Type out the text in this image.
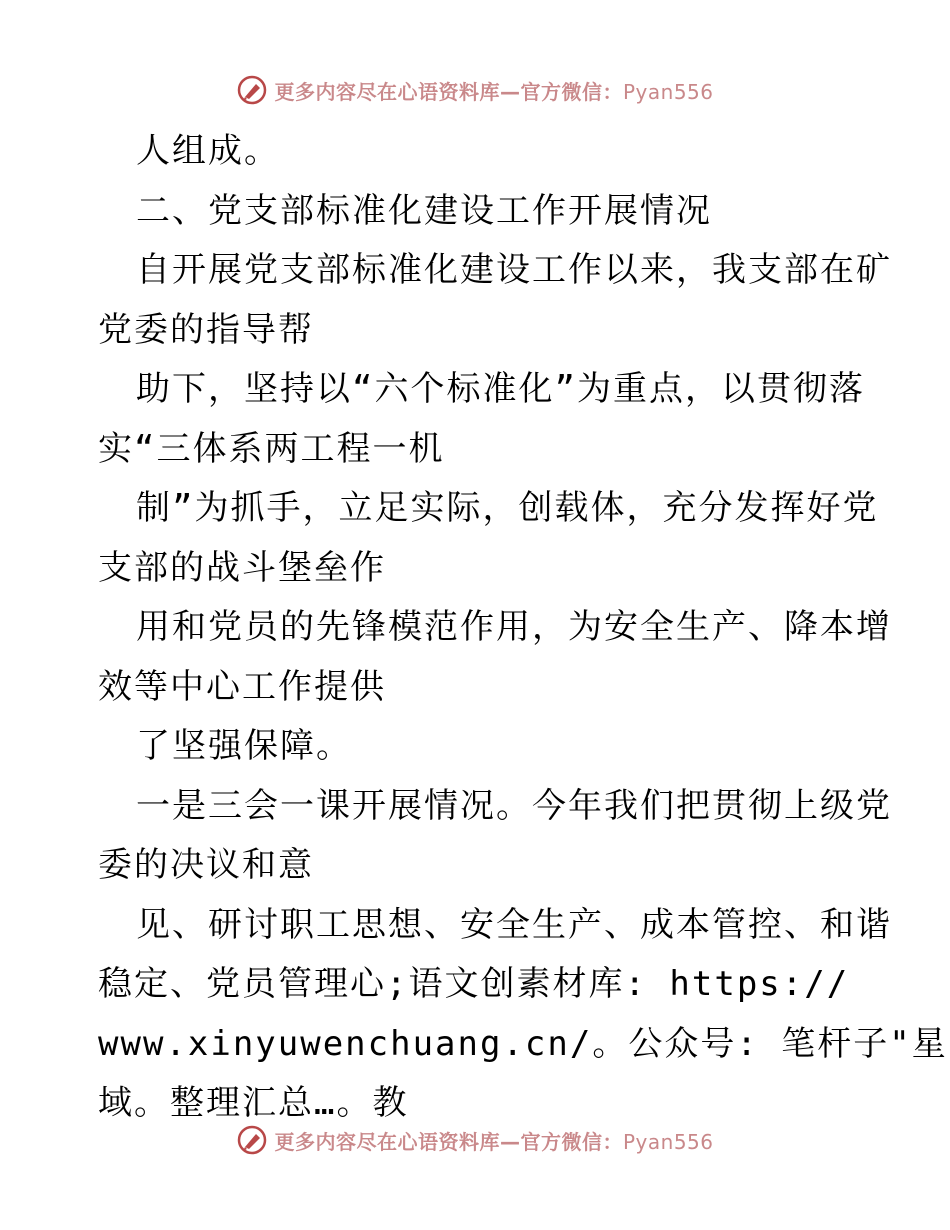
更多内容尽在心语资料库—官方微信：Pyan556
人组成。
二、党支部标准化建设工作开展情况
自开展党支部标准化建设工作以来，我支部在矿
党委的指导帮
助下，坚持以“六个标准化”为重点，以贯彻落
实“三体系两工程一机
制”为抓手，立足实际，创载体，充分发挥好党
支部的战斗堡垒作
用和党员的先锋模范作用，为安全生产、降本增
效等中心工作提供
了坚强保障。
一是三会一课开展情况。今年我们把贯彻上级党
委的决议和意
见、研讨职工思想、安全生产、成本管控、和谐
稳定、党员管理心;语文创素材库: https://
www.xinyuwenchuang.cn/。公众号: 笔杆子"星
域。整理汇总…。教
更多内容尽在心语资料库—官方微信：Pyan556
